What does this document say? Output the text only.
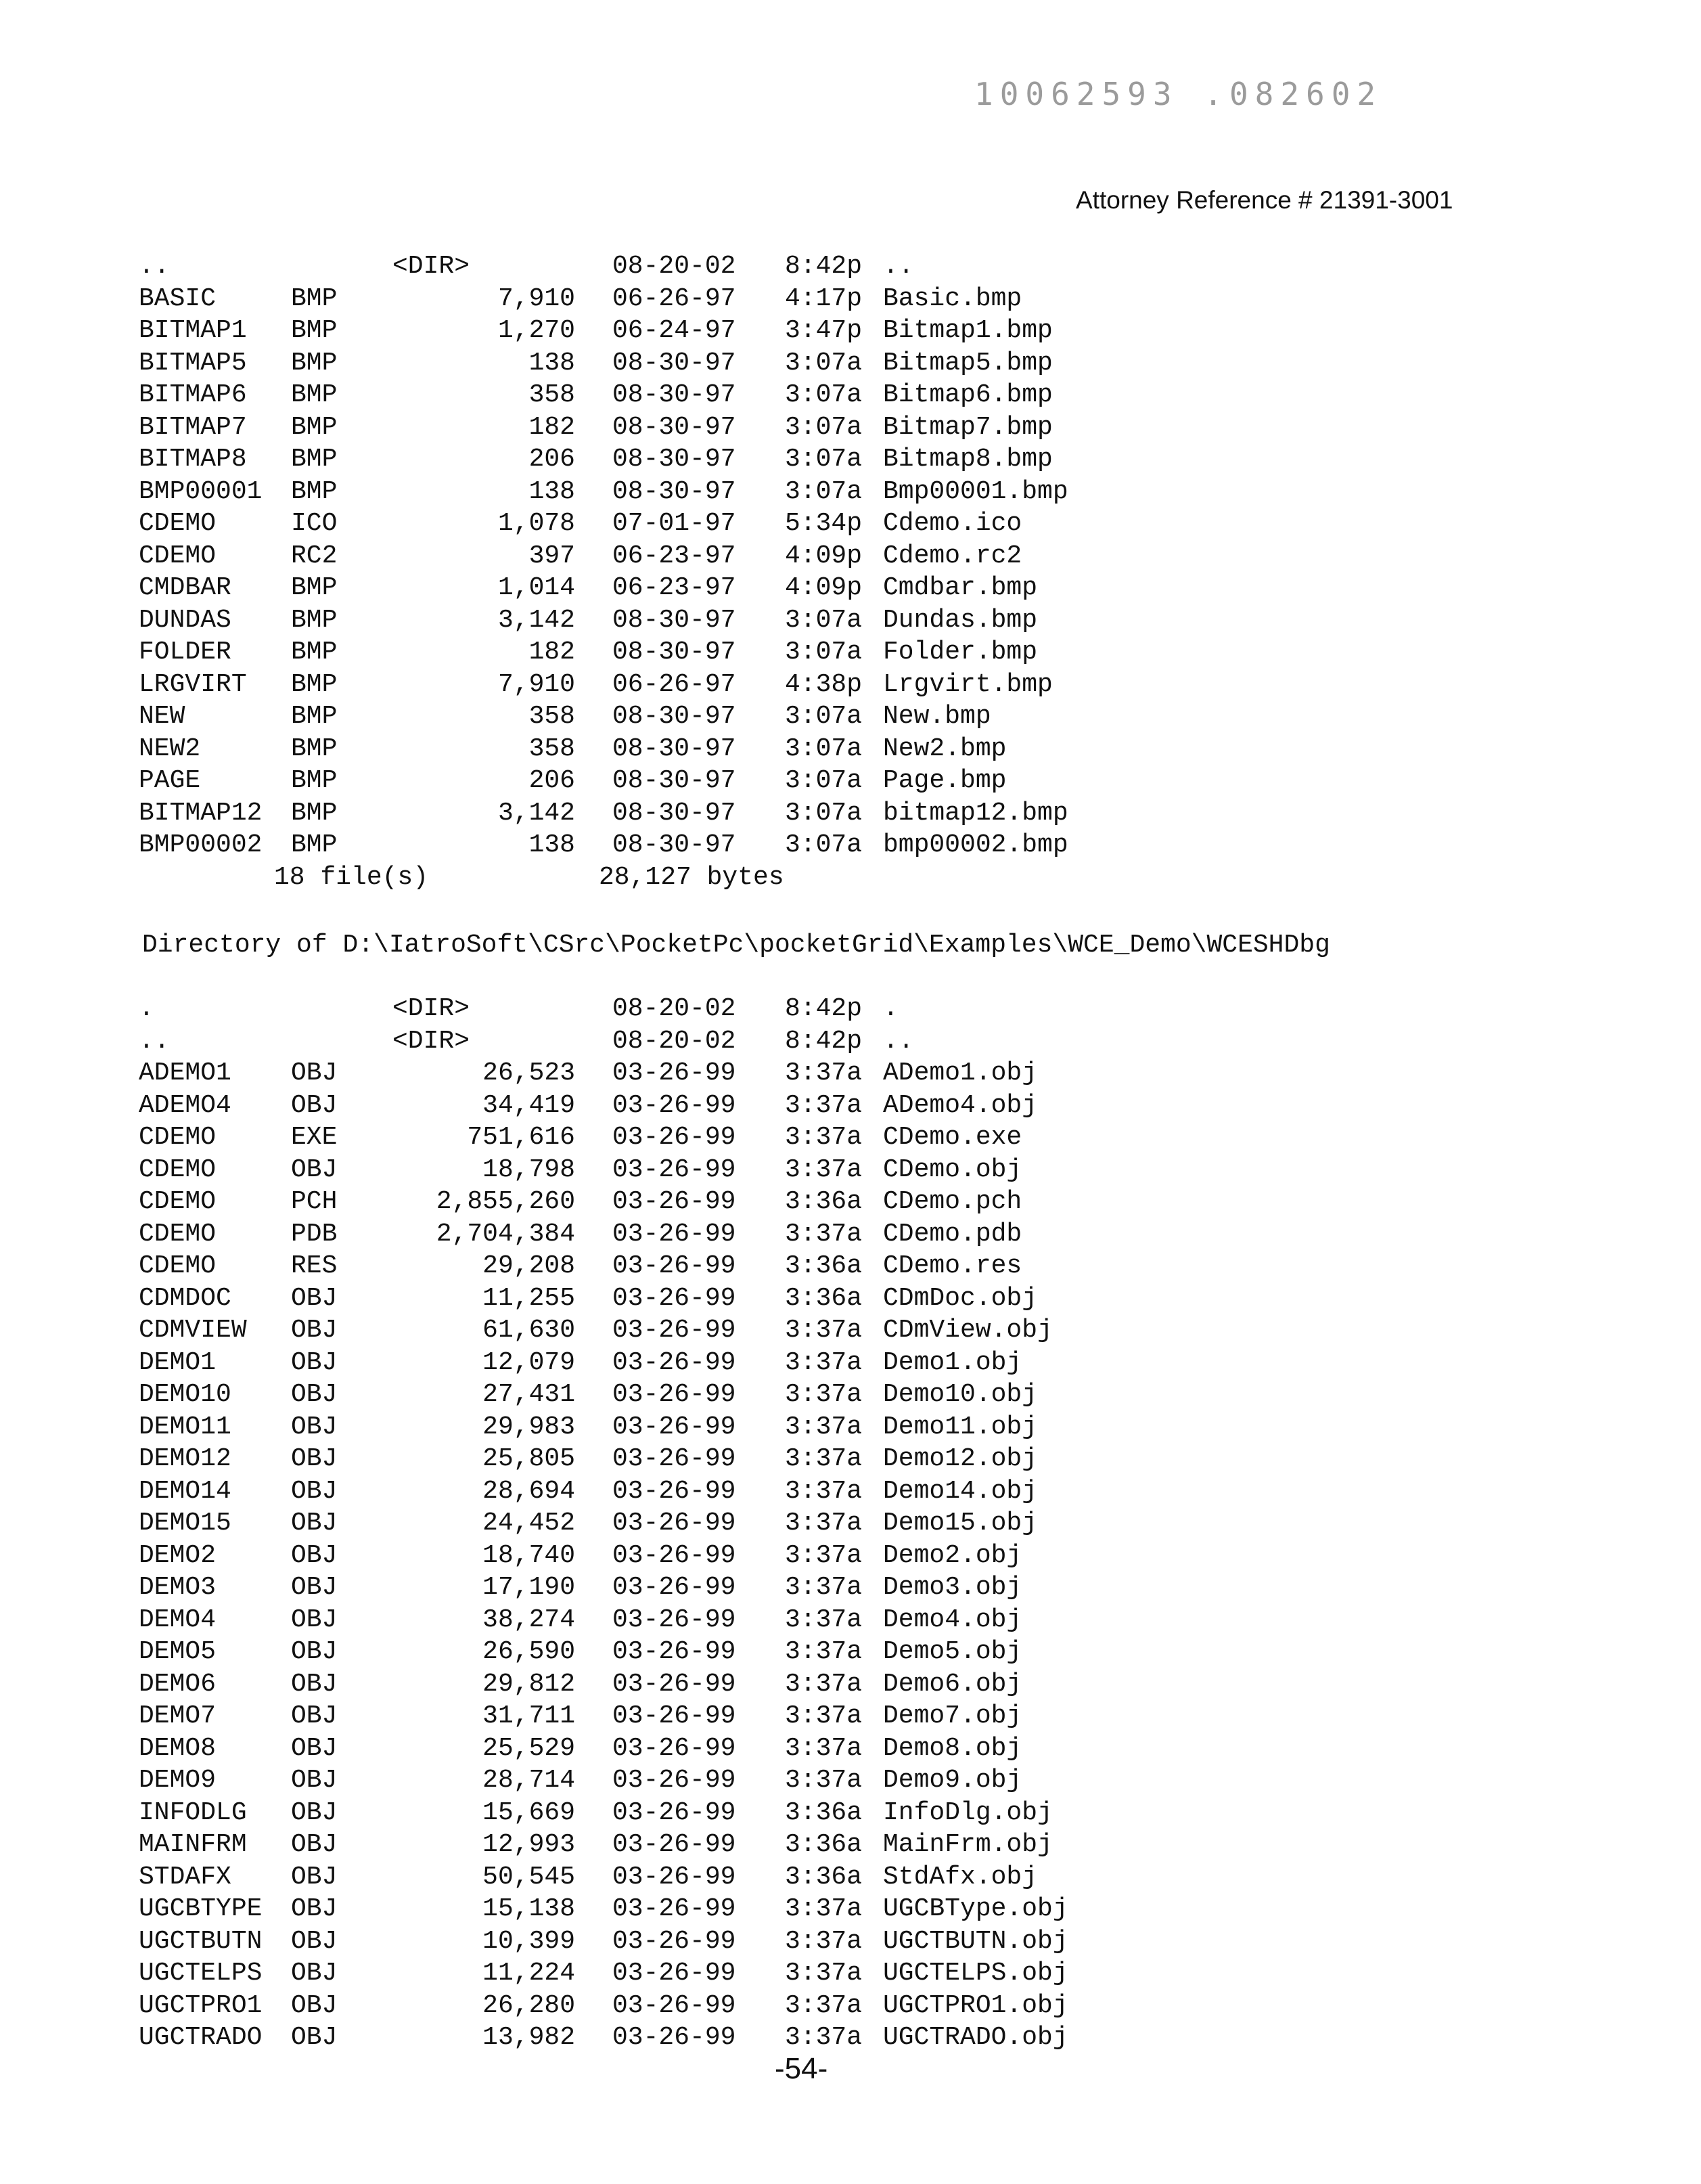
10062593 .082602
Attorney Reference # 21391-3001
..	<DIR>	08-20-02 8:42p ..
BASIC	BMP	7,910 06-26-97 4:17p Basic.bmp
BITMAP1 BMP	1,270 06-24-97 3:47p Bitmap1.bmp
BITMAP5 BMP	138 08-30-97 3:07a Bitmap5.bmp
BITMAP6 BMP	358 08-30-97 3:07a Bitmap6.bmp
BITMAP7 BMP	182 08-30-97 3:07a Bitmap7.bmp
BITMAP8 BMP	206 08-30-97 3:07a Bitmap8.bmp
BMP00001 BMP	138 08-30-97 3:07a Bmp00001.bmp
CDEMO	ICO	1,078 07-01-97 5:34p Cdemo.ico
CDEMO	RC2	397 06-23-97 4:09p Cdemo.rc2
CMDBAR BMP	1,014 06-23-97 4:09p Cmdbar.bmp
DUNDAS BMP	3,142 08-30-97 3:07a Dundas.bmp
FOLDER BMP	182 08-30-97 3:07a Folder.bmp
LRGVIRT BMP	7,910 06-26-97 4:38p Lrgvirt.bmp
NEW	BMP	358 08-30-97 3:07a New.bmp
NEW2	BMP	358 08-30-97 3:07a New2.bmp
PAGE	BMP	206 08-30-97 3:07a Page.bmp
BITMAP12 BMP	3,142 08-30-97 3:07a bitmap12.bmp
BMP00002 BMP	138 08-30-97 3:07a bmp00002.bmp
18 file(s)	28,127 bytes
Directory of D:\IatroSoft\CSrc\PocketPc\pocketGrid\Examples\WCE_Demo\WCESHDbg
.	<DIR>	08-20-02 8:42p .
..	<DIR>	08-20-02 8:42p ..
ADEMO1 OBJ	26,523 03-26-99 3:37a ADemo1.obj
ADEMO4 OBJ	34,419 03-26-99 3:37a ADemo4.obj
CDEMO	EXE	751,616 03-26-99 3:37a CDemo.exe
CDEMO	OBJ	18,798 03-26-99 3:37a CDemo.obj
CDEMO	PCH	2,855,260 03-26-99 3:36a CDemo.pch
CDEMO	PDB	2,704,384 03-26-99 3:37a CDemo.pdb
CDEMO	RES	29,208 03-26-99 3:36a CDemo.res
CDMDOC OBJ	11,255 03-26-99 3:36a CDmDoc.obj
CDMVIEW OBJ	61,630 03-26-99 3:37a CDmView.obj
DEMO1	OBJ	12,079 03-26-99 3:37a Demo1.obj
DEMO10 OBJ	27,431 03-26-99 3:37a Demo10.obj
DEMO11 OBJ	29,983 03-26-99 3:37a Demo11.obj
DEMO12 OBJ	25,805 03-26-99 3:37a Demo12.obj
DEMO14 OBJ	28,694 03-26-99 3:37a Demo14.obj
DEMO15 OBJ	24,452 03-26-99 3:37a Demo15.obj
DEMO2	OBJ	18,740 03-26-99 3:37a Demo2.obj
DEMO3	OBJ	17,190 03-26-99 3:37a Demo3.obj
DEMO4	OBJ	38,274 03-26-99 3:37a Demo4.obj
DEMO5	OBJ	26,590 03-26-99 3:37a Demo5.obj
DEMO6	OBJ	29,812 03-26-99 3:37a Demo6.obj
DEMO7	OBJ	31,711 03-26-99 3:37a Demo7.obj
DEMO8	OBJ	25,529 03-26-99 3:37a Demo8.obj
DEMO9	OBJ	28,714 03-26-99 3:37a Demo9.obj
INFODLG OBJ	15,669 03-26-99 3:36a InfoDlg.obj
MAINFRM OBJ	12,993 03-26-99 3:36a MainFrm.obj
STDAFX OBJ	50,545 03-26-99 3:36a StdAfx.obj
UGCBTYPE OBJ	15,138 03-26-99 3:37a UGCBType.obj
UGCTBUTN OBJ	10,399 03-26-99 3:37a UGCTBUTN.obj
UGCTELPS OBJ	11,224 03-26-99 3:37a UGCTELPS.obj
UGCTPRO1 OBJ	26,280 03-26-99 3:37a UGCTPRO1.obj
UGCTRADO OBJ	13,982 03-26-99 3:37a UGCTRADO.obj
-54-
